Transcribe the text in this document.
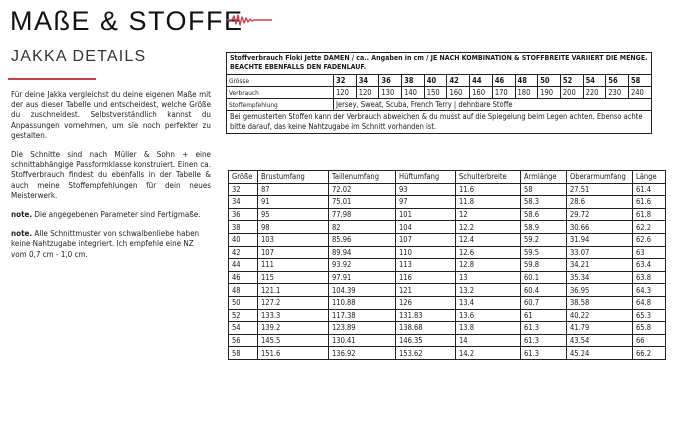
MAßE & STOFFE
JAKKA DETAILS

Für deine Jakka vergleichst du deine eigenen Maße mit der aus dieser Tabelle und entscheidest, welche Größe du zuschneidest. Selbstverständlich kannst du Anpassungen vornehmen, um sie noch perfekter zu gestalten.

Die Schnitte sind nach Müller & Sohn + eine schnittabhängige Passformklasse konstruiert. Einen ca. Stoffverbrauch findest du ebenfalls in der Tabelle & auch meine Stoffempfehlungen für dein neues Meisterwerk.

note. Die angegebenen Parameter sind Fertigmaße.

note. Alle Schnittmuster von schwalbenliebe haben keine Nahtzugabe integriert. Ich empfehle eine NZ vom 0,7 cm - 1,0 cm.

Stoffverbrauch Floki Jette DAMEN / ca.. Angaben in cm / JE NACH KOMBINATION & STOFFBREITE VARIIERT DIE MENGE. BEACHTE EBENFALLS DEN FADENLAUF.														
Grösse	32	34	36	38	40	42	44	46	48	50	52	54	56	58
Verbrauch	120	120	130	140	150	160	160	170	180	190	200	220	230	240
Stoffempfehlung	Jersey, Sweat, Scuba, French Terry | dehnbare Stoffe													
Bei gemusterten Stoffen kann der Verbrauch abweichen & du musst auf die Spiegelung beim Legen achten. Ebenso achte bitte darauf, das keine Nahtzugabe im Schnitt vorhanden ist.														
Größe	Brustumfang	Taillenumfang	Hüftumfang	Schulterbreite	Armlänge	Oberarmumfang	Länge
32	87	72.02	93	11.6	58	27.51	61.4
34	91	75.01	97	11.8	58.3	28.6	61.6
36	95	77.98	101	12	58.6	29.72	61.8
38	98	82	104	12.2	58.9	30.66	62.2
40	103	85.96	107	12.4	59.2	31.94	62.6
42	107	89.94	110	12.6	59.5	33.07	63
44	111	93.92	113	12.8	59.8	34.21	63.4
46	115	97.91	116	13	60.1	35.34	63.8
48	121.1	104.39	121	13.2	60.4	36.95	64.3
50	127.2	110.88	126	13.4	60.7	38.58	64.8
52	133.3	117.38	131.83	13.6	61	40.22	65.3
54	139.2	123.89	138.68	13.8	61.3	41.79	65.8
56	145.5	130.41	146.35	14	61.3	43.54	66
58	151.6	136.92	153.62	14.2	61.3	45.24	66.2
